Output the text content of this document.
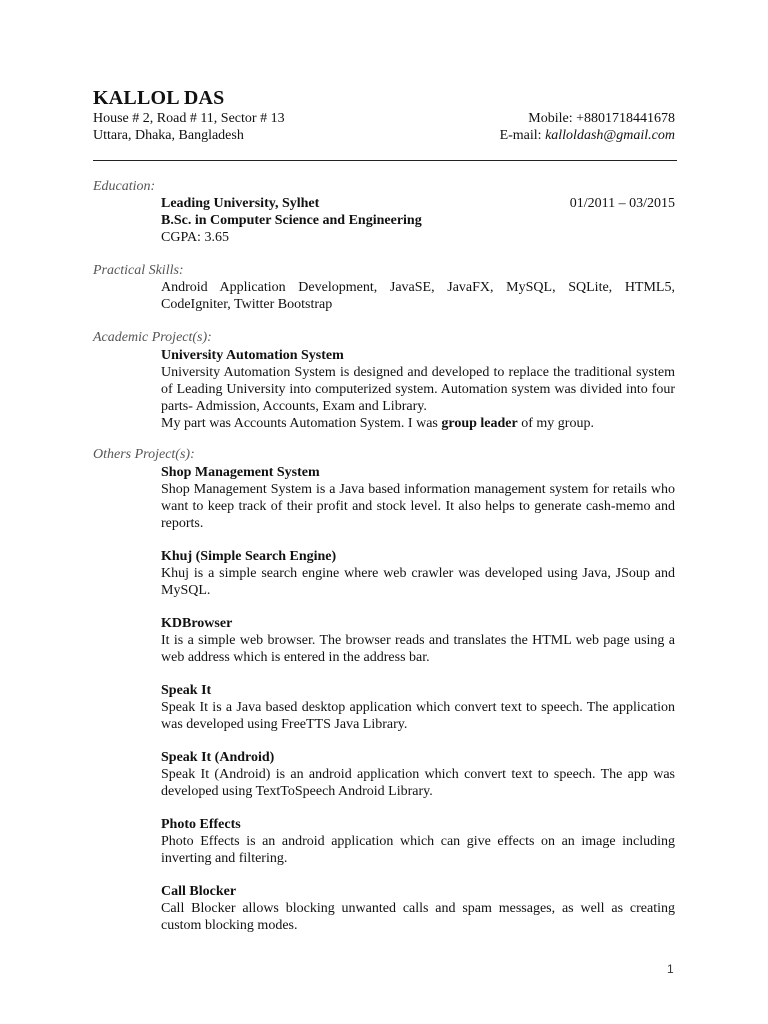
KALLOL DAS
House # 2, Road # 11, Sector # 13	Mobile: +8801718441678
Uttara, Dhaka, Bangladesh	E-mail: kalloldash@gmail.com
Education:
Leading University, Sylhet	01/2011 – 03/2015

B.Sc. in Computer Science and Engineering

CGPA: 3.65

Practical Skills:
Android Application Development, JavaSE, JavaFX, MySQL, SQLite, HTML5, CodeIgniter, Twitter Bootstrap
Academic Project(s):

University Automation System

University Automation System is designed and developed to replace the traditional system of Leading University into computerized system. Automation system was divided into four parts- Admission, Accounts, Exam and Library.

My part was Accounts Automation System. I was group leader of my group.

Others Project(s):

Shop Management System

Shop Management System is a Java based information management system for retails who want to keep track of their profit and stock level. It also helps to generate cash-memo and reports.

Khuj (Simple Search Engine)

Khuj is a simple search engine where web crawler was developed using Java, JSoup and MySQL.

KDBrowser

It is a simple web browser. The browser reads and translates the HTML web page using a web address which is entered in the address bar.

Speak It

Speak It is a Java based desktop application which convert text to speech. The application was developed using FreeTTS Java Library.

Speak It (Android)

Speak It (Android) is an android application which convert text to speech. The app was developed using TextToSpeech Android Library.

Photo Effects

Photo Effects is an android application which can give effects on an image including inverting and filtering.

Call Blocker

Call Blocker allows blocking unwanted calls and spam messages, as well as creating custom blocking modes.

1
